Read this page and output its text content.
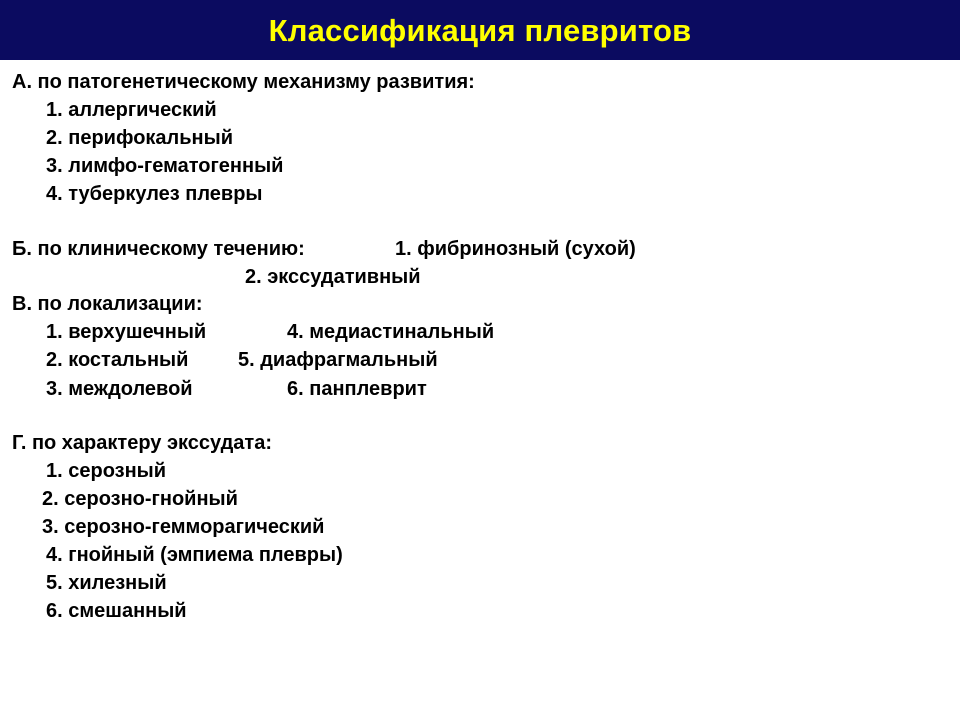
Классификация плевритов
А. по патогенетическому механизму развития:
1. аллергический
2. перифокальный
3. лимфо-гематогенный
4. туберкулез плевры
Б. по клиническому течению:	1. фибринозный (сухой)
2. экссудативный
В. по локализации:
1. верхушечный	4. медиастинальный
2. костальный 5. диафрагмальный
3. междолевой	6. панплеврит
Г. по характеру экссудата:
1. серозный
2. серозно-гнойный
3. серозно-гемморагический
4. гнойный (эмпиема плевры)
5. хилезный
6. смешанный
